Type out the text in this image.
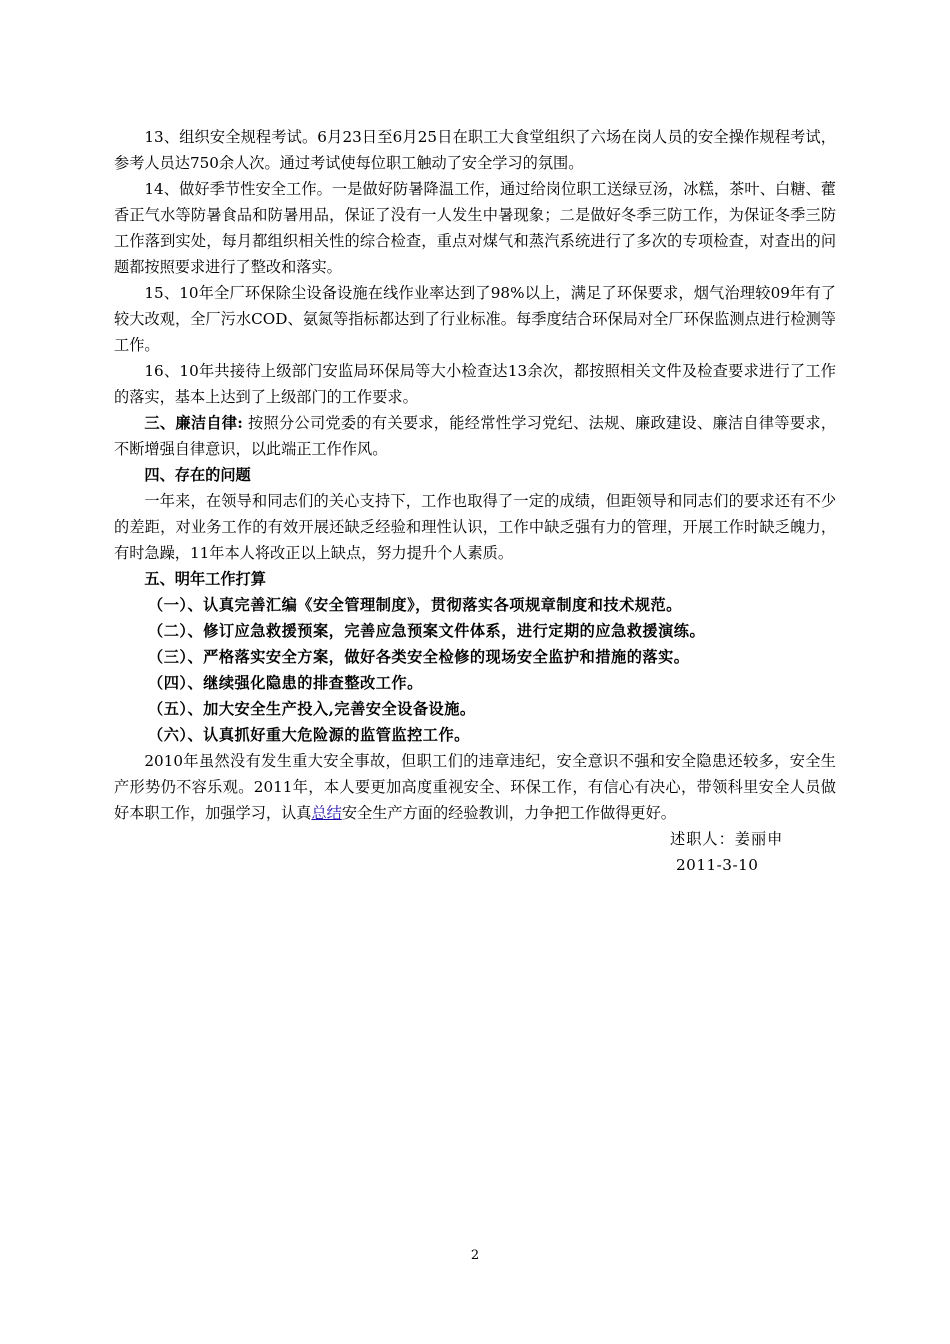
13、组织安全规程考试。6月23日至6月25日在职工大食堂组织了六场在岗人员的安全操作规程考试，参考人员达750余人次。通过考试使每位职工触动了安全学习的氛围。

14、做好季节性安全工作。一是做好防暑降温工作，通过给岗位职工送绿豆汤，冰糕，茶叶、白糖、藿香正气水等防暑食品和防暑用品，保证了没有一人发生中暑现象；二是做好冬季三防工作，为保证冬季三防工作落到实处，每月都组织相关性的综合检查，重点对煤气和蒸汽系统进行了多次的专项检查，对查出的问题都按照要求进行了整改和落实。

15、10年全厂环保除尘设备设施在线作业率达到了98%以上，满足了环保要求，烟气治理较09年有了较大改观，全厂污水COD、氨氮等指标都达到了行业标准。每季度结合环保局对全厂环保监测点进行检测等工作。

16、10年共接待上级部门安监局环保局等大小检查达13余次，都按照相关文件及检查要求进行了工作的落实，基本上达到了上级部门的工作要求。

三、廉洁自律: 按照分公司党委的有关要求，能经常性学习党纪、法规、廉政建设、廉洁自律等要求，不断增强自律意识，以此端正工作作风。

四、存在的问题

一年来，在领导和同志们的关心支持下，工作也取得了一定的成绩，但距领导和同志们的要求还有不少的差距，对业务工作的有效开展还缺乏经验和理性认识，工作中缺乏强有力的管理，开展工作时缺乏魄力，有时急躁，11年本人将改正以上缺点，努力提升个人素质。

五、明年工作打算

（一）、认真完善汇编《安全管理制度》，贯彻落实各项规章制度和技术规范。

（二）、修订应急救援预案，完善应急预案文件体系，进行定期的应急救援演练。

（三）、严格落实安全方案，做好各类安全检修的现场安全监护和措施的落实。

（四）、继续强化隐患的排查整改工作。

（五）、加大安全生产投入,完善安全设备设施。

（六）、认真抓好重大危险源的监管监控工作。

2010年虽然没有发生重大安全事故，但职工们的违章违纪，安全意识不强和安全隐患还较多，安全生产形势仍不容乐观。2011年，本人要更加高度重视安全、环保工作，有信心有决心，带领科里安全人员做好本职工作，加强学习，认真总结安全生产方面的经验教训，力争把工作做得更好。

述职人：姜丽申

2011-3-10

2
